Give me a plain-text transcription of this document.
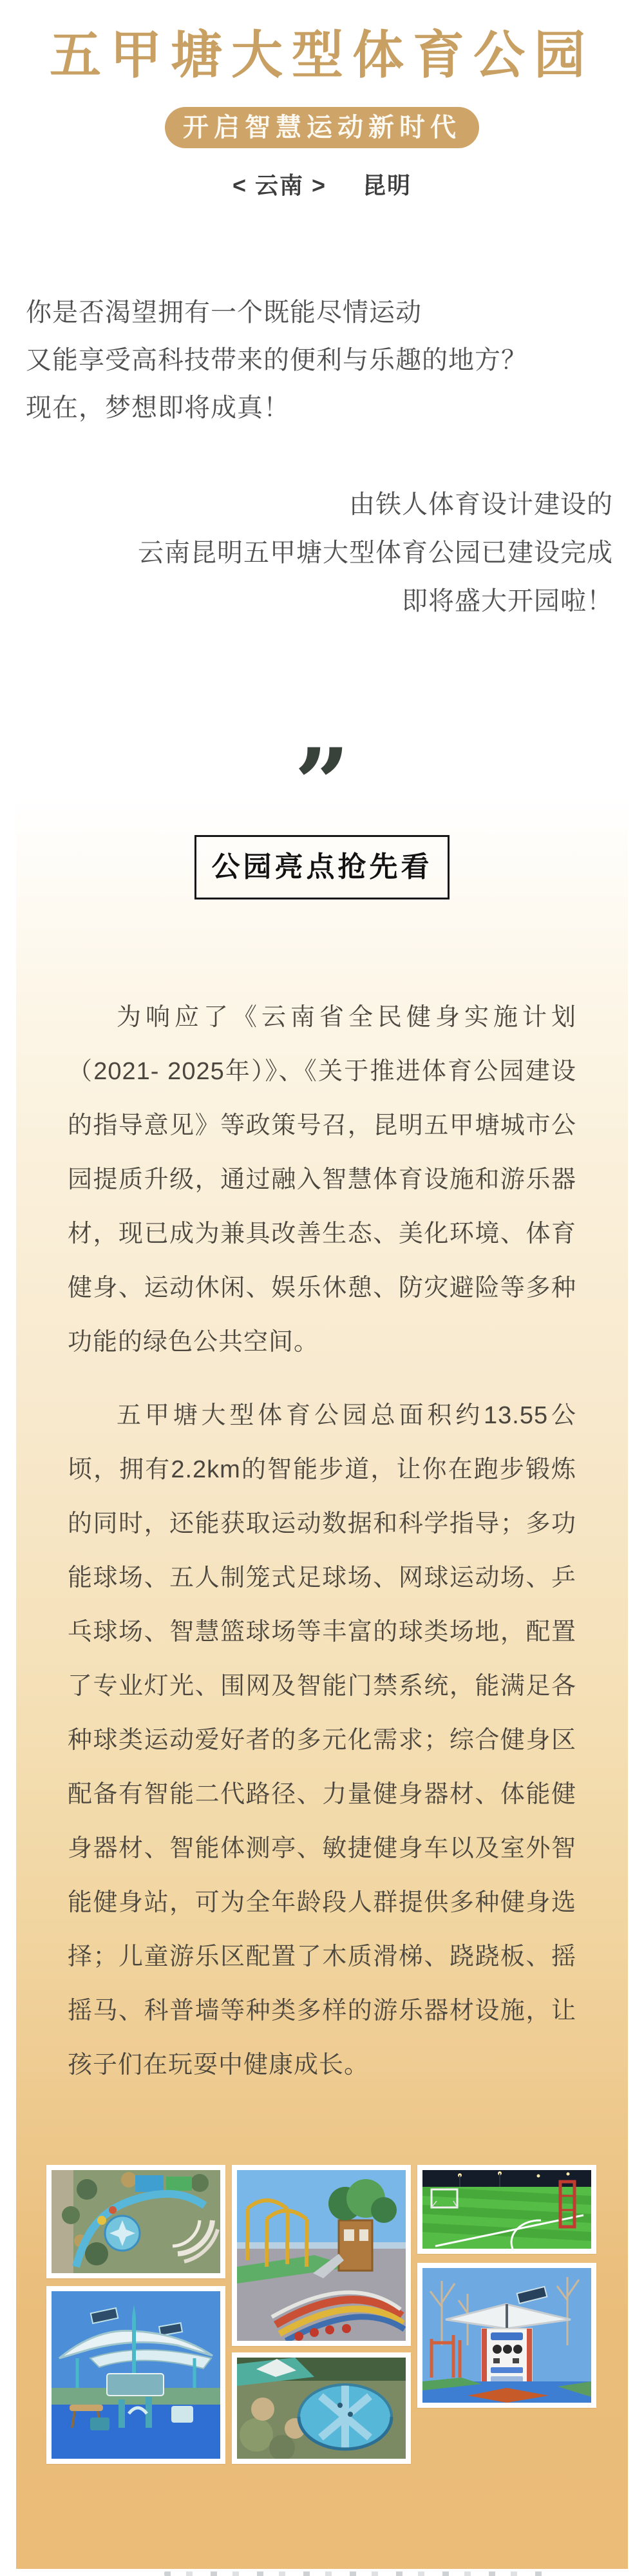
五甲塘大型体育公园
开启智慧运动新时代
< 云南 > 昆明
你是否渴望拥有一个既能尽情运动
又能享受高科技带来的便利与乐趣的地方？
现在，梦想即将成真！
由铁人体育设计建设的
云南昆明五甲塘大型体育公园已建设完成
即将盛大开园啦！
”
公园亮点抢先看

为响应了《云南省全民健身实施计划（2021- 2025年）》、《关于推进体育公园建设的指导意见》等政策号召，昆明五甲塘城市公园提质升级，通过融入智慧体育设施和游乐器材，现已成为兼具改善生态、美化环境、体育健身、运动休闲、娱乐休憩、防灾避险等多种功能的绿色公共空间。

五甲塘大型体育公园总面积约13.55公顷，拥有2.2km的智能步道，让你在跑步锻炼的同时，还能获取运动数据和科学指导；多功能球场、五人制笼式足球场、网球运动场、乒乓球场、智慧篮球场等丰富的球类场地，配置了专业灯光、围网及智能门禁系统，能满足各种球类运动爱好者的多元化需求；综合健身区配备有智能二代路径、力量健身器材、体能健身器材、智能体测亭、敏捷健身车以及室外智能健身站，可为全年龄段人群提供多种健身选择；儿童游乐区配置了木质滑梯、跷跷板、摇摇马、科普墙等种类多样的游乐器材设施，让孩子们在玩耍中健康成长。
